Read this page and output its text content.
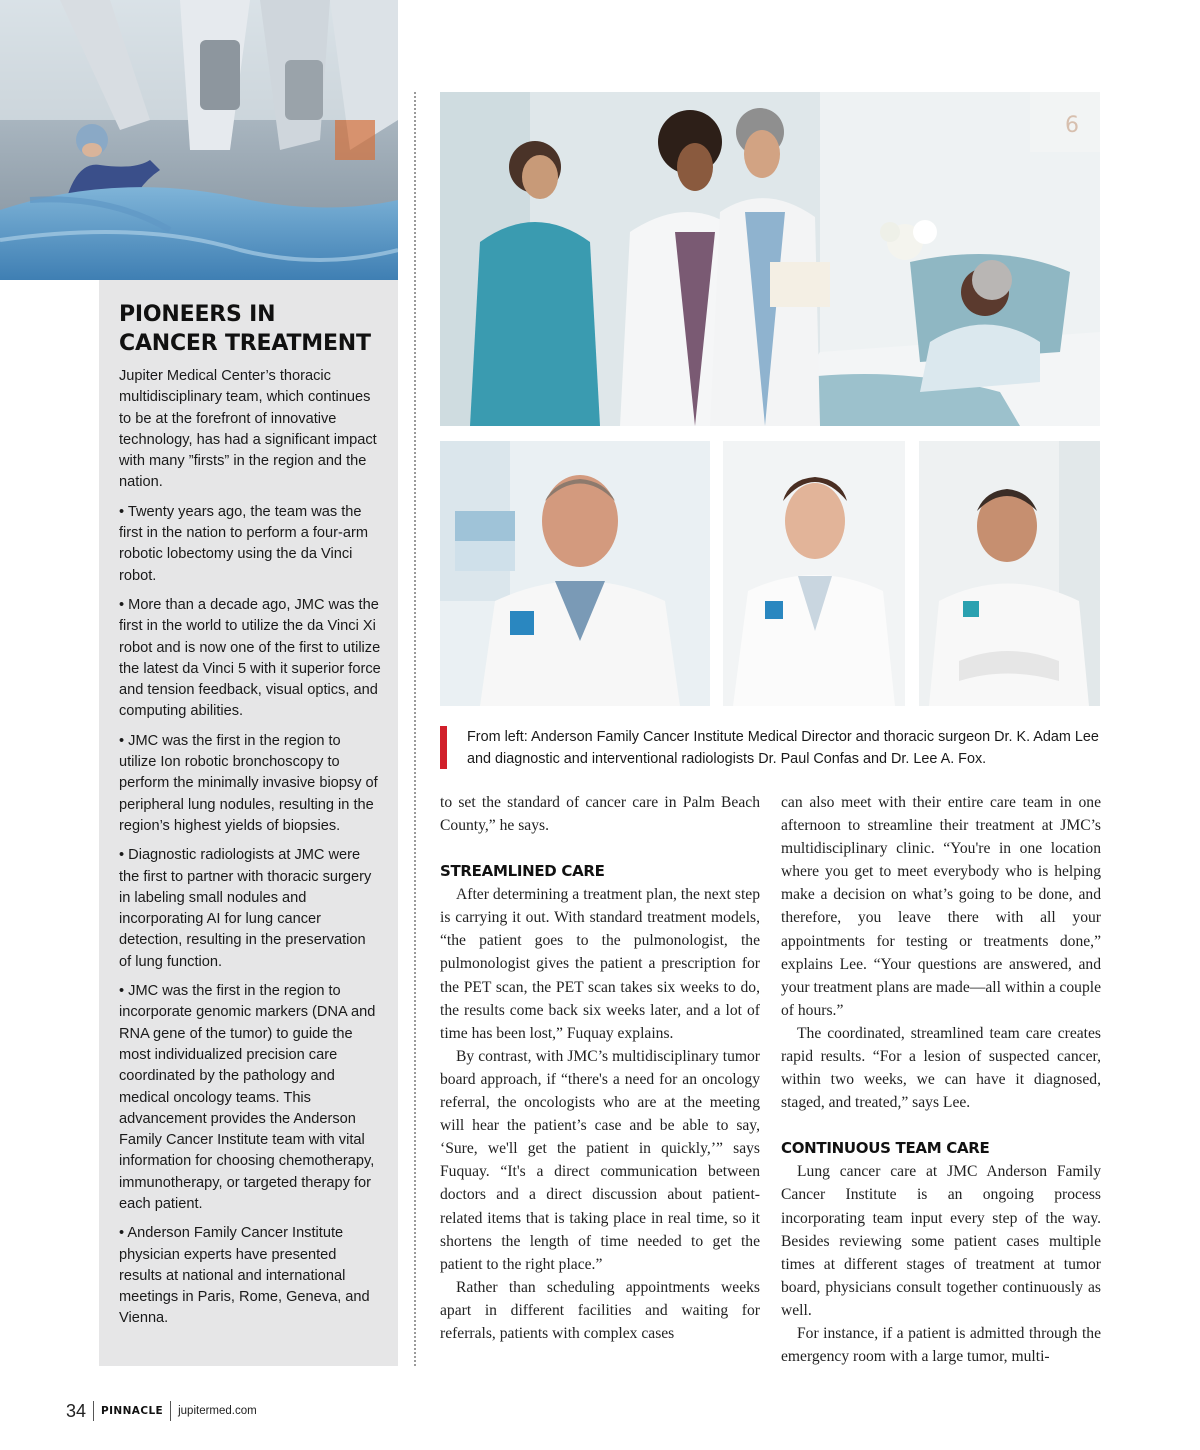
6
PIONEERS IN CANCER TREATMENT

Jupiter Medical Center’s thoracic multidisciplinary team, which continues to be at the forefront of innovative technology, has had a significant impact with many ”firsts” in the region and the nation.

• Twenty years ago, the team was the first in the nation to perform a four-arm robotic lobectomy using the da Vinci robot.

• More than a decade ago, JMC was the first in the world to utilize the da Vinci Xi robot and is now one of the first to utilize the latest da Vinci 5 with it superior force and tension feedback, visual optics, and computing abilities.

• JMC was the first in the region to utilize Ion robotic bronchoscopy to perform the minimally invasive biopsy of peripheral lung nodules, resulting in the region’s highest yields of biopsies.

• Diagnostic radiologists at JMC were the first to partner with thoracic surgery in labeling small nodules and incorporating AI for lung cancer detection, resulting in the preservation of lung function.

• JMC was the first in the region to incorporate genomic markers (DNA and RNA gene of the tumor) to guide the most individualized precision care coordinated by the pathology and medical oncology teams. This advancement provides the Anderson Family Cancer Institute team with vital information for choosing chemotherapy, immunotherapy, or targeted therapy for each patient.

• Anderson Family Cancer Institute physician experts have presented results at national and international meetings in Paris, Rome, Geneva, and Vienna.

From left: Anderson Family Cancer Institute Medical Director and thoracic surgeon Dr. K. Adam Lee and diagnostic and interventional radiologists Dr. Paul Confas and Dr. Lee A. Fox.

to set the standard of cancer care in Palm Beach County,” he says.

STREAMLINED CARE

After determining a treatment plan, the next step is carrying it out. With standard treatment models, “the patient goes to the pulmonologist, the pulmonologist gives the patient a prescription for the PET scan, the PET scan takes six weeks to do, the results come back six weeks later, and a lot of time has been lost,” Fuquay explains.

By contrast, with JMC’s multidisciplinary tumor board approach, if “there's a need for an oncology referral, the oncologists who are at the meeting will hear the patient’s case and be able to say, ‘Sure, we'll get the patient in quickly,’” says Fuquay. “It's a direct communication between doctors and a direct discussion about patient-related items that is taking place in real time, so it shortens the length of time needed to get the patient to the right place.”

Rather than scheduling appointments weeks apart in different facilities and waiting for referrals, patients with complex cases

can also meet with their entire care team in one afternoon to streamline their treatment at JMC’s multidisciplinary clinic. “You're in one location where you get to meet everybody who is helping make a decision on what’s going to be done, and therefore, you leave there with all your appointments for testing or treatments done,” explains Lee. “Your questions are answered, and your treatment plans are made—all within a couple of hours.”

The coordinated, streamlined team care creates rapid results. “For a lesion of suspected cancer, within two weeks, we can have it diagnosed, staged, and treated,” says Lee.

CONTINUOUS TEAM CARE

Lung cancer care at JMC Anderson Family Cancer Institute is an ongoing process incorporating team input every step of the way. Besides reviewing some patient cases multiple times at different stages of treatment at tumor board, physicians consult together continuously as well.

For instance, if a patient is admitted through the emergency room with a large tumor, multi-

34 PINNACLE jupitermed.com
